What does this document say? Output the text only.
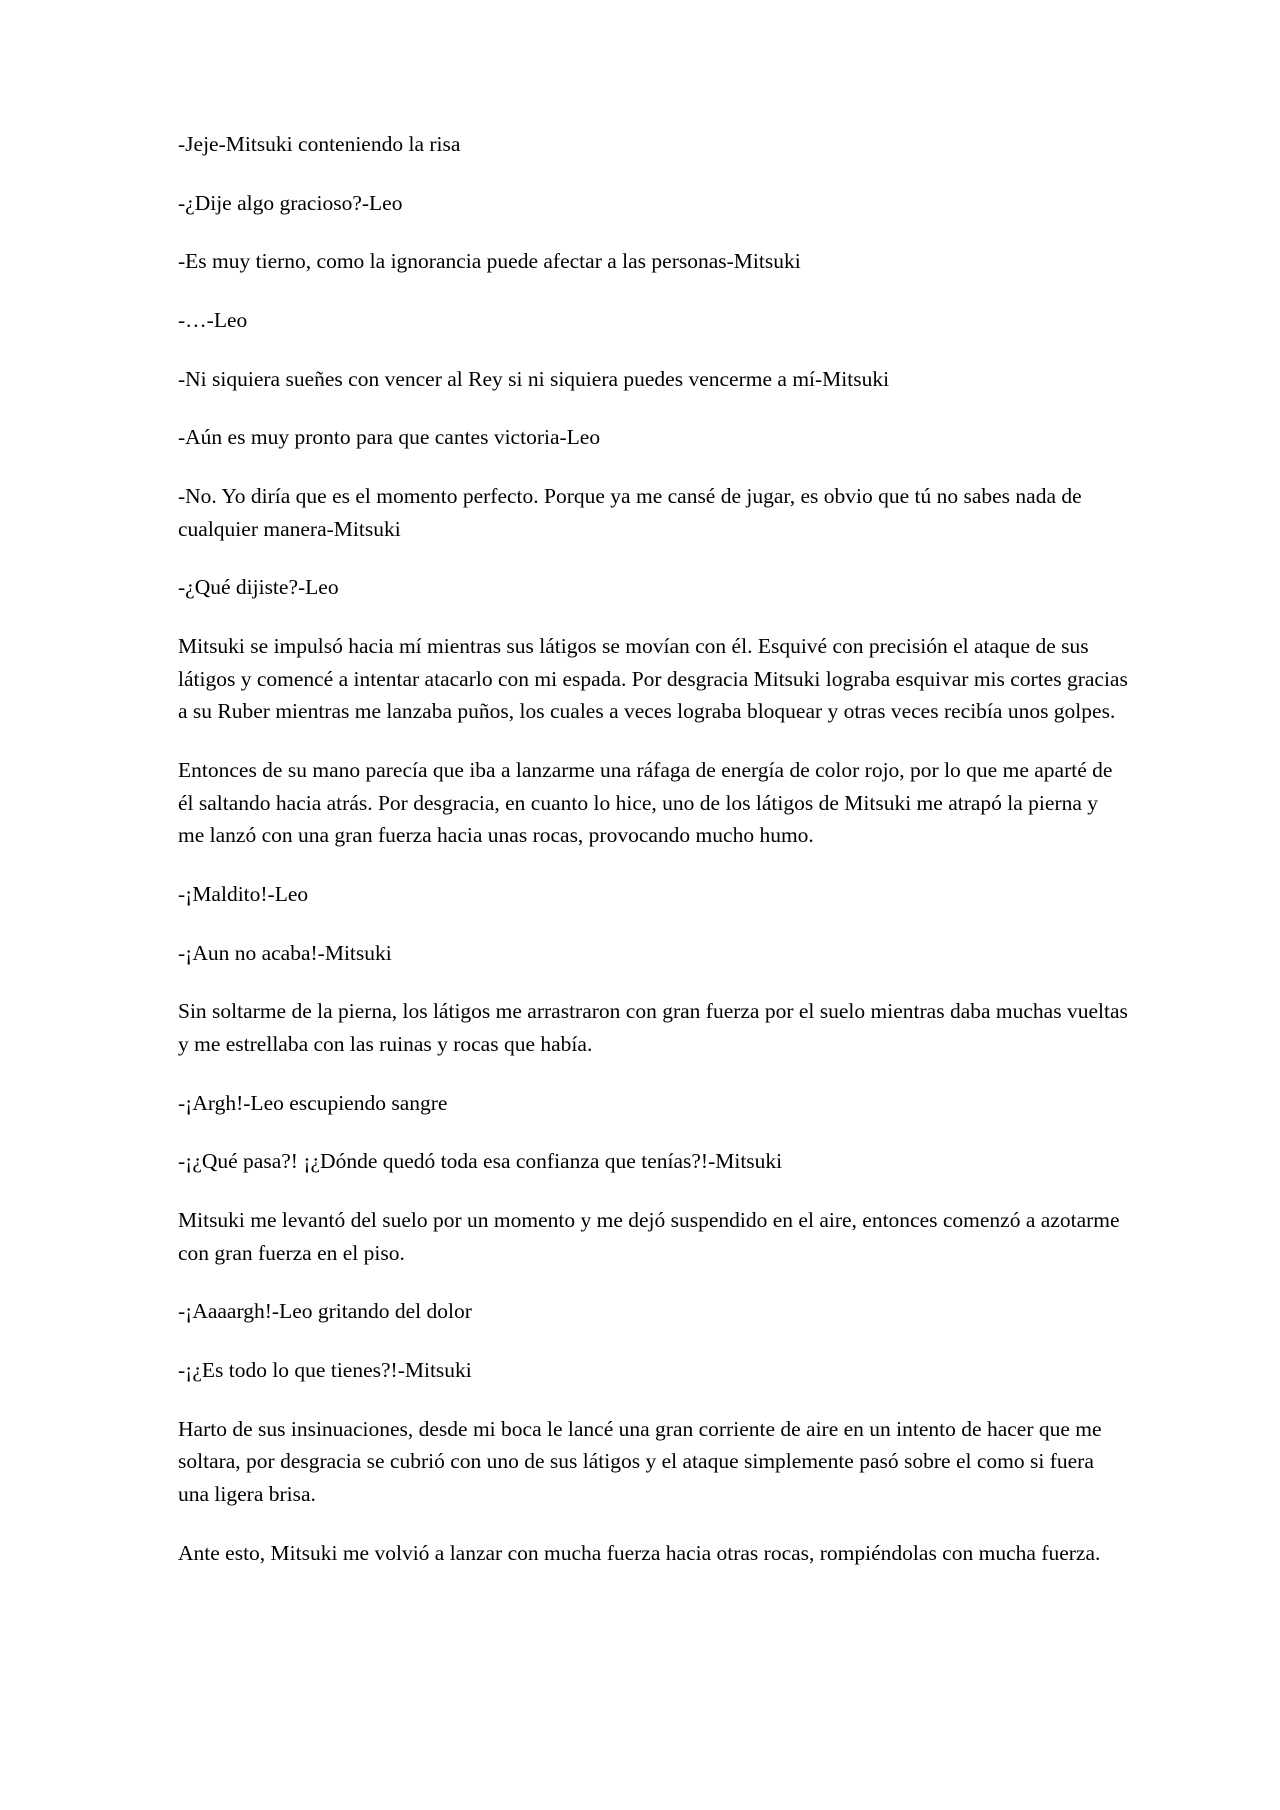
-Jeje-Mitsuki conteniendo la risa

-¿Dije algo gracioso?-Leo

-Es muy tierno, como la ignorancia puede afectar a las personas-Mitsuki

-…-Leo

-Ni siquiera sueñes con vencer al Rey si ni siquiera puedes vencerme a mí-Mitsuki

-Aún es muy pronto para que cantes victoria-Leo

-No. Yo diría que es el momento perfecto. Porque ya me cansé de jugar, es obvio que tú no sabes nada de cualquier manera-Mitsuki

-¿Qué dijiste?-Leo

Mitsuki se impulsó hacia mí mientras sus látigos se movían con él. Esquivé con precisión el ataque de sus látigos y comencé a intentar atacarlo con mi espada. Por desgracia Mitsuki lograba esquivar mis cortes gracias a su Ruber mientras me lanzaba puños, los cuales a veces lograba bloquear y otras veces recibía unos golpes.

Entonces de su mano parecía que iba a lanzarme una ráfaga de energía de color rojo, por lo que me aparté de él saltando hacia atrás. Por desgracia, en cuanto lo hice, uno de los látigos de Mitsuki me atrapó la pierna y me lanzó con una gran fuerza hacia unas rocas, provocando mucho humo.

-¡Maldito!-Leo

-¡Aun no acaba!-Mitsuki

Sin soltarme de la pierna, los látigos me arrastraron con gran fuerza por el suelo mientras daba muchas vueltas y me estrellaba con las ruinas y rocas que había.

-¡Argh!-Leo escupiendo sangre

-¡¿Qué pasa?! ¡¿Dónde quedó toda esa confianza que tenías?!-Mitsuki

Mitsuki me levantó del suelo por un momento y me dejó suspendido en el aire, entonces comenzó a azotarme con gran fuerza en el piso.

-¡Aaaargh!-Leo gritando del dolor

-¡¿Es todo lo que tienes?!-Mitsuki

Harto de sus insinuaciones, desde mi boca le lancé una gran corriente de aire en un intento de hacer que me soltara, por desgracia se cubrió con uno de sus látigos y el ataque simplemente pasó sobre el como si fuera una ligera brisa.

Ante esto, Mitsuki me volvió a lanzar con mucha fuerza hacia otras rocas, rompiéndolas con mucha fuerza.
